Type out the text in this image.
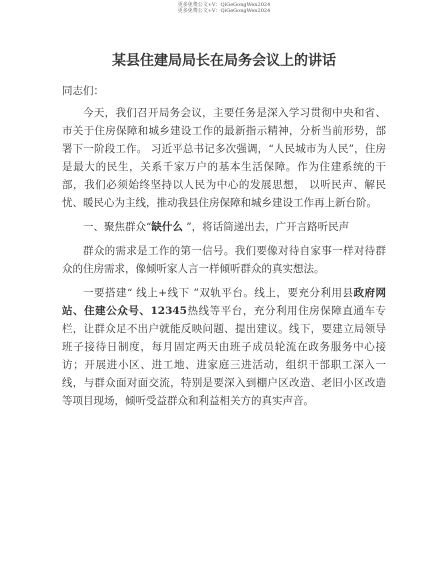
更多免费公文+V：QiGeGongWen2024
更多免费公文+V：QiGeGongWen2024
某县住建局局长在局务会议上的讲话
同志们：
今天，我们召开局务会议，主要任务是深入学习贯彻中央和省、市关于住房保障和城乡建设工作的最新指示精神，分析当前形势，部署下一阶段工作。 习近平总书记多次强调，“人民城市为人民”，住房是最大的民生，关系千家万户的基本生活保障。作为住建系统的干部，我们必须始终坚持以人民为中心的发展思想， 以听民声、解民忧、暖民心为主线，推动我县住房保障和城乡建设工作再上新台阶。
一、聚焦群众“缺什么 ”，将话筒递出去，广开言路听民声
群众的需求是工作的第一信号。我们要像对待自家事一样对待群众的住房需求，像倾听家人言一样倾听群众的真实想法。
一要搭建“ 线上+线下 ”双轨平台。线上，要充分利用县政府网站、住建公众号、12345热线等平台，充分利用住房保障直通车专栏，让群众足不出户就能反映问题、提出建议。线下，要建立局领导班子接待日制度，每月固定两天由班子成员轮流在政务服务中心接访；开展进小区、进工地、进家庭三进活动，组织干部职工深入一线，与群众面对面交流，特别是要深入到棚户区改造、老旧小区改造等项目现场，倾听受益群众和利益相关方的真实声音。
